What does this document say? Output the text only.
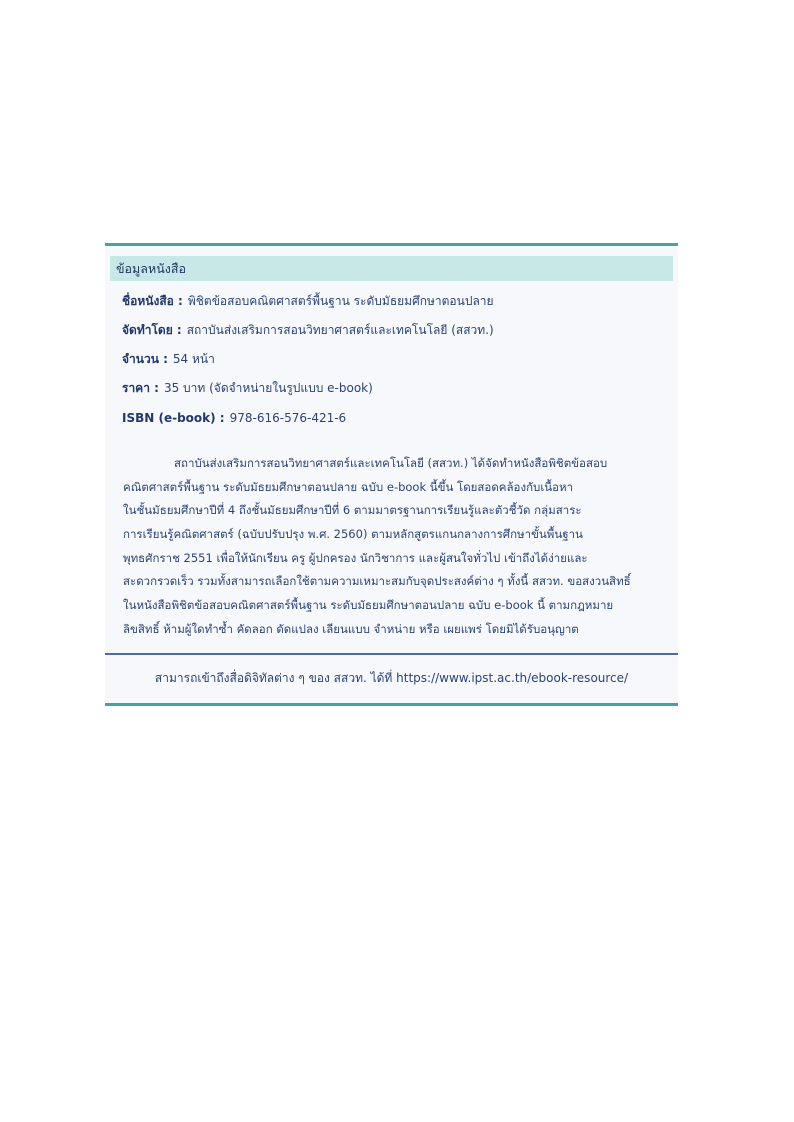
ข้อมูลหนังสือ
ชื่อหนังสือ : พิชิตข้อสอบคณิตศาสตร์พื้นฐาน ระดับมัธยมศึกษาตอนปลาย
จัดทำโดย : สถาบันส่งเสริมการสอนวิทยาศาสตร์และเทคโนโลยี (สสวท.)
จำนวน : 54 หน้า
ราคา : 35 บาท (จัดจำหน่ายในรูปแบบ e-book)
ISBN (e-book) : 978-616-576-421-6
สถาบันส่งเสริมการสอนวิทยาศาสตร์และเทคโนโลยี (สสวท.) ได้จัดทำหนังสือพิชิตข้อสอบ
คณิตศาสตร์พื้นฐาน ระดับมัธยมศึกษาตอนปลาย ฉบับ e-book นี้ขึ้น โดยสอดคล้องกับเนื้อหา
ในชั้นมัธยมศึกษาปีที่ 4 ถึงชั้นมัธยมศึกษาปีที่ 6 ตามมาตรฐานการเรียนรู้และตัวชี้วัด กลุ่มสาระ
การเรียนรู้คณิตศาสตร์ (ฉบับปรับปรุง พ.ศ. 2560) ตามหลักสูตรแกนกลางการศึกษาขั้นพื้นฐาน
พุทธศักราช 2551 เพื่อให้นักเรียน ครู ผู้ปกครอง นักวิชาการ และผู้สนใจทั่วไป เข้าถึงได้ง่ายและ
สะดวกรวดเร็ว รวมทั้งสามารถเลือกใช้ตามความเหมาะสมกับจุดประสงค์ต่าง ๆ ทั้งนี้ สสวท. ขอสงวนสิทธิ์
ในหนังสือพิชิตข้อสอบคณิตศาสตร์พื้นฐาน ระดับมัธยมศึกษาตอนปลาย ฉบับ e-book นี้ ตามกฎหมาย
ลิขสิทธิ์ ห้ามผู้ใดทำซ้ำ คัดลอก ดัดแปลง เลียนแบบ จำหน่าย หรือ เผยแพร่ โดยมิได้รับอนุญาต
สามารถเข้าถึงสื่อดิจิทัลต่าง ๆ ของ สสวท. ได้ที่ https://www.ipst.ac.th/ebook-resource/
